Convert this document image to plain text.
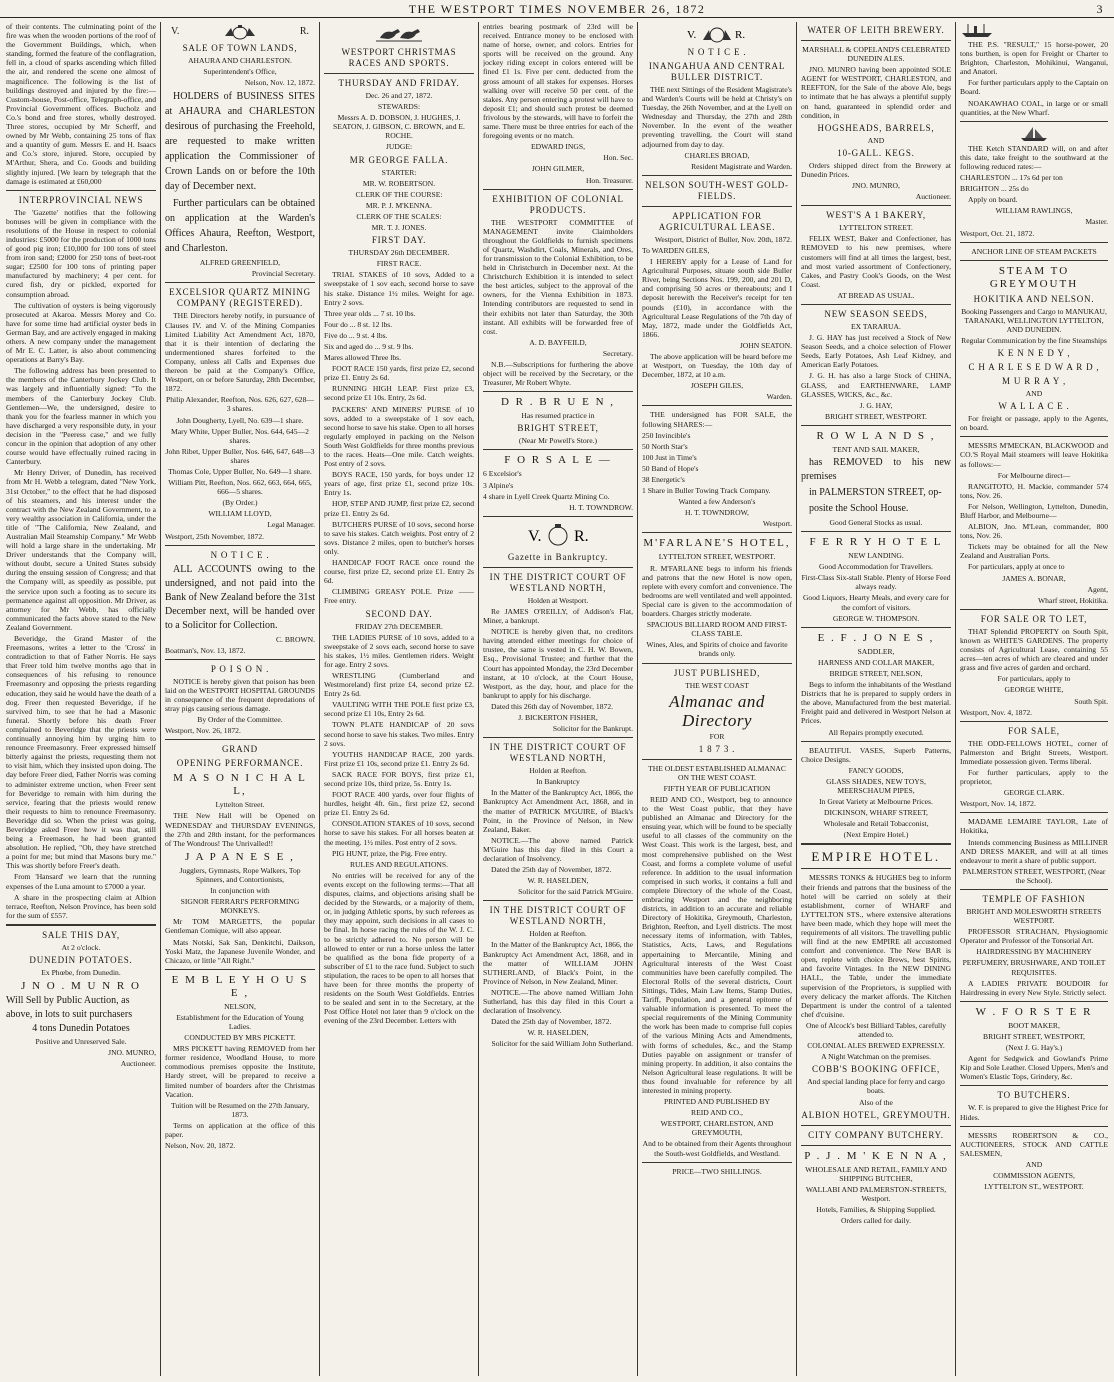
THE WESTPORT TIMES NOVEMBER 26, 1872	3

of their contents. The culminating point of the fire was when the wooden portions of the roof of the Government Buildings, which, when standing, formed the feature of the conflagration, fell in, a cloud of sparks ascending which filled the air, and rendered the scene one almost of magnificence. The following is the list of buildings destroyed and injured by the fire:—Custom-house, Post-office, Telegraph-office, and Provincial Government offices. Bucholz and Co.'s bond and free stores, wholly destroyed. Three stores, occupied by Mr Scherff, and owned by Mr Webb, containing 25 tons of flax and a quantity of gum. Messrs E. and H. Isaacs and Co.'s store, injured. Store, occupied by M'Arthur, Shera, and Co. Goods and building slightly injured. [We learn by telegraph that the damage is estimated at £60,000

INTERPROVINCIAL NEWS

The 'Gazette' notifies that the following bonuses will be given in compliance with the resolutions of the House in respect to colonial industries: £5000 for the production of 1000 tons of good pig iron; £10,000 for 100 tons of steel from iron sand; £2000 for 250 tons of beet-root sugar; £2500 for 100 tons of printing paper manufactured by machinery; 4 per cent. for cured fish, dry or pickled, exported for consumption abroad.

The cultivation of oysters is being vigorously prosecuted at Akaroa. Messrs Morey and Co. have for some time had artificial oyster beds in German Bay, and are actively engaged in making others. A new company under the management of Mr E. C. Latter, is also about commencing operations at Barry's Bay.

The following address has been presented to the members of the Canterbury Jockey Club. It was largely and influentially signed: "To the members of the Canterbury Jockey Club. Gentlemen—We, the undersigned, desire to thank you for the fearless manner in which you have discharged a very responsible duty, in your decision in the "Peeress case," and we fully concur in the opinion that adoption of any other course would have effectually ruined racing in Canterbury.

Mr Henry Driver, of Dunedin, has received from Mr H. Webb a telegram, dated "New York, 31st October," to the effect that he had disposed of his steamers, and his interest under the contract with the New Zealand Government, to a very wealthy association in California, under the title of "The California, New Zealand, and Australian Mail Steamship Company." Mr Webb will hold a large share in the undertaking. Mr Driver understands that the Company will, without doubt, secure a United States subsidy during the ensuing session of Congress; and that the Company will, as speedily as possible, put the service upon such a footing as to secure its permanence against all opposition. Mr Driver, as attorney for Mr Webb, has officially communicated the facts above stated to the New Zealand Government.

Beveridge, the Grand Master of the Freemasons, writes a letter to the 'Cross' in contradiction to that of Father Norris. He says that Freer told him twelve months ago that in consequences of his refusing to renounce Freemasonry and opposing the priests regarding education, they said he would have the death of a dog. Freer then requested Beveridge, if he survived him, to see that he had a Masonic funeral. Shortly before his death Freer complained to Beveridge that the priests were continually annoying him by urging him to renounce Freemasonry. Freer expressed himself bitterly against the priests, requesting them not to visit him, which they insisted upon doing. The day before Freer died, Father Norris was coming to administer extreme unction, when Freer sent for Beveridge to remain with him during the service, fearing that the priests would renew their requests to him to renounce Freemasonry. Beveridge did so. When the priest was going, Beveridge asked Freer how it was that, still being a Freemason, he had been granted absolution. He replied, "Oh, they have stretched a point for me; but mind that Masons bury me." This was shortly before Freer's death.

From 'Hansard' we learn that the running expenses of the Luna amount to £7000 a year.

A share in the prospecting claim at Albion terrace, Reefton, Nelson Province, has been sold for the sum of £557.

SALE THIS DAY,

At 2 o'clock.

DUNEDIN POTATOES.

Ex Phœbe, from Dunedin.

J N O . M U N R O

Will Sell by Public Auction, as

above, in lots to suit purchasers

4 tons Dunedin Potatoes

Positive and Unreserved Sale.

JNO. MUNRO,

Auctioneer.

V.	R.
SALE OF TOWN LANDS,

AHAURA AND CHARLESTON.

Superintendent's Office,

Nelson, Nov. 12, 1872.

HOLDERS of BUSINESS SITES at AHAURA and CHARLESTON desirous of purchasing the Freehold, are requested to make written application the Commissioner of Crown Lands on or before the 10th day of December next.

Further particulars can be obtained on application at the Warden's Offices Ahaura, Reefton, Westport, and Charleston.

ALFRED GREENFIELD,

Provincial Secretary.

EXCELSIOR QUARTZ MINING COMPANY (REGISTERED).

THE Directors hereby notify, in pursuance of Clauses IV. and V. of the Mining Companies Limited Liability Act Amendment Act, 1870, that it is their intention of declaring the undermentioned shares forfeited to the Company, unless all Calls and Expenses due thereon be paid at the Company's Office, Westport, on or before Saturday, 28th December, 1872.

Philip Alexander, Reefton, Nos. 626, 627, 628—3 shares.

John Dougherty, Lyell, No. 639—1 share.

Mary White, Upper Buller, Nos. 644, 645—2 shares.

John Ribet, Upper Buller, Nos. 646, 647, 648—3 shares

Thomas Cole, Upper Buller, No. 649—1 share.

William Pitt, Reefton, Nos. 662, 663, 664, 665, 666—5 shares.

(By Order.)

WILLIAM LLOYD,

Legal Manager.

Westport, 25th November, 1872.

N O T I C E .

ALL ACCOUNTS owing to the undersigned, and not paid into the Bank of New Zealand before the 31st December next, will be handed over to a Solicitor for Collection.

C. BROWN.

Boatman's, Nov. 13, 1872.

P O I S O N .

NOTICE is hereby given that poison has been laid on the WESTPORT HOSPITAL GROUNDS in consequence of the frequent depredations of stray pigs causing serious damage.

By Order of the Committee.

Westport, Nov. 26, 1872.

GRAND
OPENING PERFORMANCE.
M A S O N I C H A L L,

Lyttelton Street.

THE New Hall will be Opened on WEDNESDAY and THURSDAY EVENINGS, the 27th and 28th instant, for the performances of The Wondrous! The Unrivalled!!

J A P A N E S E ,

Jugglers, Gymnasts, Rope Walkers, Top Spinners, and Contortionists,

In conjunction with

SIGNOR FERRARI'S PERFORMING MONKEYS.

Mr TOM MARGETTS, the popular Gentleman Comique, will also appear.

Mats Notski, Sak San, Denkitchi, Daikson, Yoski Matz, the Japanese Juvenile Wonder, and Chicazo, or little "All Right."

E M B L E Y H O U S E ,

NELSON,

Establishment for the Education of Young Ladies.

CONDUCTED BY MRS PICKETT.

MRS PICKETT having REMOVED from her former residence, Woodland House, to more commodious premises opposite the Institute, Hardy street, will be prepared to receive a limited number of boarders after the Christmas Vacation.

Tuition will be Resumed on the 27th January, 1873.

Terms on application at the office of this paper.

Nelson, Nov. 20, 1872.

WESTPORT CHRISTMAS RACES AND SPORTS.
THURSDAY AND FRIDAY.

Dec. 26 and 27, 1872.

STEWARDS:

Messrs A. D. DOBSON, J. HUGHES, J. SEATON, J. GIBSON, C. BROWN, and E. ROCHE.

JUDGE:

MR GEORGE FALLA.

STARTER:

MR. W. ROBERTSON.

CLERK OF THE COURSE:

MR. P. J. M'KENNA.

CLERK OF THE SCALES:

MR. T. J. JONES.

FIRST DAY.

THURSDAY 26th DECEMBER.

FIRST RACE.

TRIAL STAKES of 10 sovs, Added to a sweepstake of 1 sov each, second horse to save his stake. Distance 1½ miles. Weight for age. Entry 2 sovs.

Three year olds ... 7 st. 10 lbs.

Four do ... 8 st. 12 lbs.

Five do ... 9 st. 4 lbs.

Six and aged do ... 9 st. 9 lbs.

Mares allowed Three lbs.

FOOT RACE 150 yards, first prize £2, second prize £1. Entry 2s 6d.

RUNNING HIGH LEAP. First prize £3, second prize £1 10s. Entry, 2s 6d.

PACKERS' AND MINERS' PURSE of 10 sovs, added to a sweepstake of 1 sov each, second horse to save his stake. Open to all horses regularly employed in packing on the Nelson South West Goldfields for three months previous to the races. Heats—One mile. Catch weights. Post entry of 2 sovs.

BOYS RACE, 150 yards, for boys under 12 years of age, first prize £1, second prize 10s. Entry 1s.

HOP, STEP AND JUMP, first prize £2, second prize £1. Entry 2s 6d.

BUTCHERS PURSE of 10 sovs, second horse to save his stakes. Catch weights. Post entry of 2 sovs. Distance 2 miles, open to butcher's horses only.

HANDICAP FOOT RACE once round the course, first prize £2, second prize £1. Entry 2s 6d.

CLIMBING GREASY POLE. Prize —— Free entry.

SECOND DAY.

FRIDAY 27th DECEMBER.

THE LADIES PURSE of 10 sovs, added to a sweepstake of 2 sovs each, second horse to save his stakes, 1½ miles. Gentlemen riders. Weight for age. Entry 2 sovs.

WRESTLING (Cumberland and Westmoreland) first prize £4, second prize £2. Entry 2s 6d.

VAULTING WITH THE POLE first prize £3, second prize £1 10s, Entry 2s 6d.

TOWN PLATE HANDICAP of 20 sovs second horse to save his stakes. Two miles. Entry 2 sovs.

YOUTHS HANDICAP RACE, 200 yards. First prize £1 10s, second prize £1. Entry 2s 6d.

SACK RACE FOR BOYS, first prize £1, second prize 10s, third prize, 5s. Entry 1s.

FOOT RACE 400 yards, over four flights of hurdles, height 4ft. 6in., first prize £2, second prize £1. Entry 2s 6d.

CONSOLATION STAKES of 10 sovs, second horse to save his stakes. For all horses beaten at the meeting. 1½ miles. Post entry of 2 sovs.

PIG HUNT, prize, the Pig. Free entry.

RULES AND REGULATIONS.

No entries will be received for any of the events except on the following terms:—That all disputes, claims, and objections arising shall be decided by the Stewards, or a majority of them, or, in judging Athletic sports, by such referees as they may appoint, such decisions in all cases to be final. In horse racing the rules of the W. J. C. to be strictly adhered to. No person will be allowed to enter or run a horse unless the latter be qualified as the bona fide property of a subscriber of £1 to the race fund. Subject to such stipulation, the races to be open to all horses that have been for three months the property of residents on the South West Goldfields. Entries to be sealed and sent in to the Secretary, at the Post Office Hotel not later than 9 o'clock on the evening of the 23rd December. Letters with

entries bearing postmark of 23rd will be received. Entrance money to be enclosed with name of horse, owner, and colors. Entries for sports will be received on the ground. Any jockey riding except in colors entered will be fined £1 1s. Five per cent. deducted from the gross amount of all stakes for expenses. Horses walking over will receive 50 per cent. of the stakes. Any person entering a protest will have to deposit £1; and should such protest be deemed frivolous by the stewards, will have to forfeit the same. There must be three entries for each of the foregoing events or no match.

EDWARD INGS,

Hon. Sec.

JOHN GILMER,

Hon. Treasurer.

EXHIBITION OF COLONIAL PRODUCTS.

THE WESTPORT COMMITTEE of MANAGEMENT invite Claimholders throughout the Goldfields to furnish specimens of Quartz, Washdirt, Coals, Minerals, and Ores, for transmission to the Colonial Exhibition, to be held in Christchurch in December next. At the Christchurch Exhibition it is intended to select the best articles, subject to the approval of the owners, for the Vienna Exhibition in 1873. Intending contributors are requested to send in their exhibits not later than Saturday, the 30th instant. All exhibits will be forwarded free of cost.

A. D. BAYFEILD,

Secretary.

N.B.—Subscriptions for furthering the above object will be received by the Secretary, or the Treasurer, Mr Robert Whyte.

D R . B R U E N ,

Has resumed practice in

BRIGHT STREET,

(Near Mr Powell's Store.)

F O R S A L E —

6 Excelsior's

3 Alpine's

4 share in Lyell Creek Quartz Mining Co.

H. T. TOWNDROW.

V. R.
Gazette in Bankruptcy.
IN THE DISTRICT COURT OF WESTLAND NORTH,

Holden at Westport.

Re JAMES O'REILLY, of Addison's Flat, Miner, a bankrupt.

NOTICE is hereby given that, no creditors having attended either meetings for choice of trustee, the same is vested in C. H. W. Bowen, Esq., Provisional Trustee; and further that the Court has appointed Monday, the 23rd December instant, at 10 o'clock, at the Court House, Westport, as the day, hour, and place for the bankrupt to apply for his discharge.

Dated this 26th day of November, 1872.

J. BICKERTON FISHER,

Solicitor for the Bankrupt.

IN THE DISTRICT COURT OF WESTLAND NORTH,

Holden at Reefton.

In Bankruptcy

In the Matter of the Bankruptcy Act, 1866, the Bankruptcy Act Amendment Act, 1868, and in the matter of PATRICK M'GUIRE, of Black's Point, in the Province of Nelson, in New Zealand, Baker.

NOTICE.—The above named Patrick M'Guire has this day filed in this Court a declaration of Insolvency.

Dated the 25th day of November, 1872.

W. R. HASELDEN,

Solicitor for the said Patrick M'Guire.

IN THE DISTRICT COURT OF WESTLAND NORTH,

Holden at Reefton.

In the Matter of the Bankruptcy Act, 1866, the Bankruptcy Act Amendment Act, 1868, and in the matter of WILLIAM JOHN SUTHERLAND, of Black's Point, in the Province of Nelson, in New Zealand, Miner.

NOTICE.—The above named William John Sutherland, has this day filed in this Court a declaration of Insolvency.

Dated the 25th day of November, 1872.

W. R. HASELDEN,

Solicitor for the said William John Sutherland.

V.	R.
N O T I C E .
INANGAHUA AND CENTRAL BULLER DISTRICT.

THE next Sittings of the Resident Magistrate's and Warden's Courts will be held at Christy's on Tuesday, the 26th November, and at the Lyell on Wednesday and Thursday, the 27th and 28th November. In the event of the weather preventing travelling, the Court will stand adjourned from day to day.

CHARLES BROAD,

Resident Magistrate and Warden.

NELSON SOUTH-WEST GOLD-FIELDS.
APPLICATION FOR AGRICULTURAL LEASE.

Westport, District of Buller, Nov. 20th, 1872.

To WARDEN GILES,

I HEREBY apply for a Lease of Land for Agricultural Purposes, situate south side Buller River, being Sections Nos. 199, 200, and 201 D, and comprising 50 acres or thereabouts; and I deposit herewith the Receiver's receipt for ten pounds (£10), in accordance with the Agricultural Lease Regulations of the 7th day of May, 1872, made under the Goldfields Act, 1866.

JOHN SEATON.

The above application will be heard before me at Westport, on Tuesday, the 10th day of December, 1872, at 10 a.m.

JOSEPH GILES,

Warden.

THE undersigned has FOR SALE, the following SHARES:—

250 Invincible's

50 North Star's

100 Just in Time's

50 Band of Hope's

38 Energetic's

1 Share in Buller Towing Track Company.

Wanted a few Anderson's

H. T. TOWNDROW,

Westport.

M'FARLANE'S HOTEL,

LYTTELTON STREET, WESTPORT.

R. M'FARLANE begs to inform his friends and patrons that the new Hotel is now open, replete with every comfort and convenience. The bedrooms are well ventilated and well appointed. Special care is given to the accommodation of boarders. Charges strictly moderate.

SPACIOUS BILLIARD ROOM AND FIRST-CLASS TABLE.

Wines, Ales, and Spirits of choice and favorite brands only.

JUST PUBLISHED,

THE WEST COAST

Almanac and Directory

FOR

1 8 7 3 .

THE OLDEST ESTABLISHED ALMANAC ON THE WEST COAST.

FIFTH YEAR OF PUBLICATION

REID AND CO., Westport, beg to announce to the West Coast public, that they have published an Almanac and Directory for the ensuing year, which will be found to be specially useful to all classes of the community on the West Coast. This work is the largest, best, and most comprehensive published on the West Coast, and forms a complete volume of useful reference. In addition to the usual information comprised in such works, it contains a full and complete Directory of the whole of the Coast, embracing Westport and the neighboring districts, in addition to an accurate and reliable Directory of Hokitika, Greymouth, Charleston, Brighton, Reefton, and Lyell districts. The most necessary items of information, with Tables, Statistics, Acts, Laws, and Regulations appertaining to Mercantile, Mining and Agricultural interests of the West Coast communities have been carefully compiled. The Electoral Rolls of the several districts, Court Sittings, Tides, Main Law Items, Stamp Duties, Tariff, Population, and a general epitome of valuable information is presented. To meet the special requirements of the Mining Community the work has been made to comprise full copies of the various Mining Acts and Amendments, with forms of schedules, &c., and the Stamp Duties payable on assignment or transfer of mining property. In addition, it also contains the Nelson Agricultural lease regulations. It will be thus found invaluable for reference by all interested in mining property.

PRINTED AND PUBLISHED BY

REID AND CO.,

WESTPORT, CHARLESTON, AND GREYMOUTH,

And to be obtained from their Agents throughout the South-west Goldfields, and Westland.

PRICE—TWO SHILLINGS.

WATER OF LEITH BREWERY.

MARSHALL & COPELAND'S CELEBRATED DUNEDIN ALES.

JNO. MUNRO having been appointed SOLE AGENT for WESTPORT, CHARLESTON, and REEFTON, for the Sale of the above Ale, begs to intimate that he has always a plentiful supply on hand, guaranteed in splendid order and condition, in

HOGSHEADS, BARRELS,

AND

10-GALL. KEGS.

Orders shipped direct from the Brewery at Dunedin Prices.

JNO. MUNRO,

Auctioneer.

WEST'S A 1 BAKERY,

LYTTELTON STREET.

FELIX WEST, Baker and Confectioner, has REMOVED to his new premises, where customers will find at all times the largest, best, and most varied assortment of Confectionery, Cakes, and Pastry Cook's Goods, on the West Coast.

AT BREAD AS USUAL.

NEW SEASON SEEDS,

EX TARARUA.

J. G. HAY has just received a Stock of New Season Seeds, and a choice selection of Flower Seeds, Early Potatoes, Ash Leaf Kidney, and American Early Potatoes.

J. G. H. has also a large Stock of CHINA, GLASS, and EARTHENWARE, LAMP GLASSES, WICKS, &c., &c.

J. G. HAY,

BRIGHT STREET, WESTPORT.

R O W L A N D S ,

TENT AND SAIL MAKER,

has REMOVED to his new premises

in PALMERSTON STREET, op-

posite the School House.

Good General Stocks as usual.

F E R R Y H O T E L

NEW LANDING.

Good Accommodation for Travellers.

First-Class Six-stall Stable. Plenty of Horse Feed always ready.

Good Liquors, Hearty Meals, and every care for the comfort of visitors.

GEORGE W. THOMPSON.

E . F . J O N E S ,

SADDLER,

HARNESS AND COLLAR MAKER,

BRIDGE STREET, NELSON,

Begs to inform the inhabitants of the Westland Districts that he is prepared to supply orders in the above, Manufactured from the best material. Freight paid and delivered in Westport Nelson at Prices.

All Repairs promptly executed.

BEAUTIFUL VASES, Superb Patterns, Choice Designs.

FANCY GOODS,

GLASS SHADES, NEW TOYS, MEERSCHAUM PIPES,

In Great Variety at Melbourne Prices.

DICKINSON, WHARF STREET,

Wholesale and Retail Tobacconist,

(Next Empire Hotel.)

EMPIRE HOTEL.

MESSRS TONKS & HUGHES beg to inform their friends and patrons that the business of the hotel will be carried on solely at their establishment, corner of WHARF and LYTTELTON STS., where extensive alterations have been made, which they hope will meet the requirements of all visitors. The travelling public will find at the new EMPIRE all accustomed comfort and convenience. The New BAR is open, replete with choice Brews, best Spirits, and favorite Vintages. In the NEW DINING HALL, the Table, under the immediate supervision of the Proprietors, is supplied with every delicacy the market affords. The Kitchen Department is under the control of a talented chef d'cuisine.

One of Alcock's best Billiard Tables, carefully attended to.

COLONIAL ALES BREWED EXPRESSLY.

A Night Watchman on the premises.

COBB'S BOOKING OFFICE,

And special landing place for ferry and cargo boats.

Also of the

ALBION HOTEL, GREYMOUTH.
CITY COMPANY BUTCHERY.
P . J . M ' K E N N A ,

WHOLESALE AND RETAIL, FAMILY AND SHIPPING BUTCHER,

WALLABI AND PALMERSTON-STREETS, Westport.

Hotels, Families, & Shipping Supplied.

Orders called for daily.

THE P.S. "RESULT," 15 horse-power, 20 tons burthen, is open for Freight or Charter to Brighton, Charleston, Mohikinui, Wanganui, and Anatori.

For further particulars apply to the Captain on Board.

NOAKAWHAO COAL, in large or or small quantities, at the New Wharf.

THE Ketch STANDARD will, on and after this date, take freight to the southward at the following reduced rates:—

CHARLESTON ... 17s 6d per ton

BRIGHTON ... 25s do

Apply on board.

WILLIAM RAWLINGS,

Master.

Westport, Oct. 21, 1872.

ANCHOR LINE OF STEAM PACKETS

STEAM TO GREYMOUTH
HOKITIKA AND NELSON.

Booking Passengers and Cargo to MANUKAU, TARANAKI, WELLINGTON LYTTELTON, AND DUNEDIN.

Regular Communication by the fine Steamships

K E N N E D Y ,
C H A R L E S E D W A R D ,
M U R R A Y ,

AND

W A L L A C E .

For freight or passage, apply to the Agents, on board.

MESSRS M'MECKAN, BLACKWOOD and CO.'S Royal Mail steamers will leave Hokitika as follows:—

For Melbourne direct—

RANGITOTO, H. Mackie, commander 574 tons, Nov. 26.

For Nelson, Wellington, Lyttelton, Dunedin, Bluff Harbor, and Melbourne—

ALBION, Jno. M'Lean, commander, 800 tons, Nov. 26.

Tickets may be obtained for all the New Zealand and Australian Ports.

For particulars, apply at once to

JAMES A. BONAR,

Agent,

Wharf street, Hokitika.

FOR SALE OR TO LET,

THAT Splendid PROPERTY on South Spit, known as WHITE'S GARDENS. The property consists of Agricultural Lease, containing 55 acres—ten acres of which are cleared and under grass and five acres of garden and orchard.

For particulars, apply to

GEORGE WHITE,

South Spit.

Westport, Nov. 4, 1872.

FOR SALE,

THE ODD-FELLOWS HOTEL, corner of Palmerston and Bright Streets, Westport. Immediate possession given. Terms liberal.

For further particulars, apply to the proprietor,

GEORGE CLARK.

Westport, Nov. 14, 1872.

MADAME LEMAIRE TAYLOR, Late of Hokitika,

Intends commencing Business as MILLINER AND DRESS MAKER, and will at all times endeavour to merit a share of public support.

PALMERSTON STREET, WESTPORT, (Near the School).

TEMPLE OF FASHION

BRIGHT AND MOLESWORTH STREETS WESTPORT.

PROFESSOR STRACHAN, Physiognomic Operator and Professor of the Tonsorial Art.

HAIRDRESSING BY MACHINERY

PERFUMERY, BRUSHWARE, AND TOILET REQUISITES.

A LADIES PRIVATE BOUDOIR for Hairdressing in every New Style. Strictly select.

W . F O R S T E R

BOOT MAKER,

BRIGHT STREET, WESTPORT,

(Next J. G. Hay's.)

Agent for Sedgwick and Gowland's Prime Kip and Sole Leather. Closed Uppers, Men's and Women's Elastic Tops, Grindery, &c.

TO BUTCHERS.

W. F. is prepared to give the Highest Price for Hides.

MESSRS ROBERTSON & CO., AUCTIONEERS, STOCK AND CATTLE SALESMEN,

AND

COMMISSION AGENTS,

LYTTELTON ST., WESTPORT.
